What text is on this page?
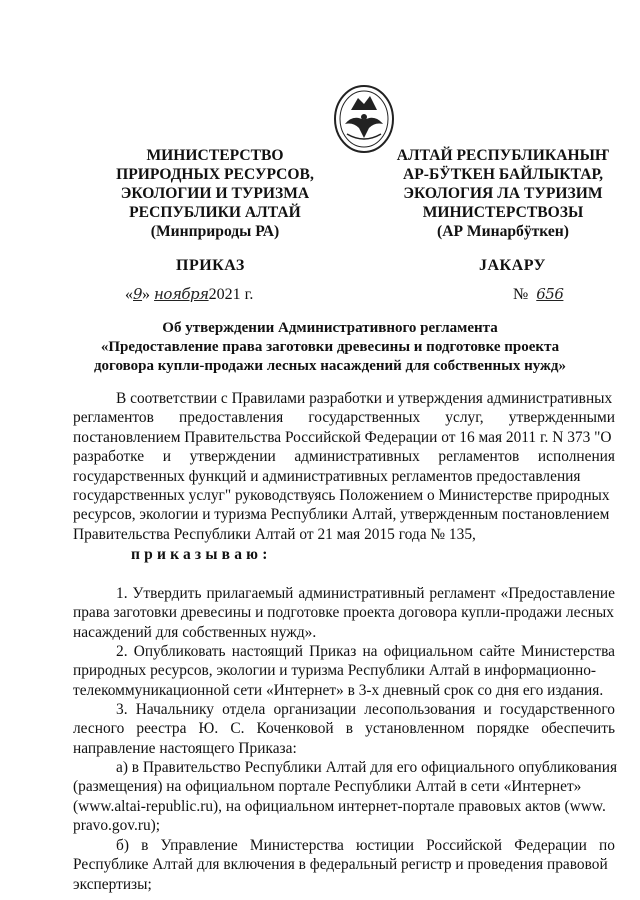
МИНИСТЕРСТВО
ПРИРОДНЫХ РЕСУРСОВ,
ЭКОЛОГИИ И ТУРИЗМА
РЕСПУБЛИКИ АЛТАЙ
(Минприроды РА)
АЛТАЙ РЕСПУБЛИКАНЫҤ
АР-БӰТКЕН БАЙЛЫКТАР,
ЭКОЛОГИЯ ЛА ТУРИЗИМ
МИНИСТЕРСТВОЗЫ
(АР Минарбӱткен)
ПРИКАЗ	JАКАРУ
«9» ноября2021 г.	№ 656
Об утверждении Административного регламента
«Предоставление права заготовки древесины и подготовке проекта
договора купли-продажи лесных насаждений для собственных нужд»
В соответствии с Правилами разработки и утверждения административных
регламентов предоставления государственных услуг, утвержденными
постановлением Правительства Российской Федерации от 16 мая 2011 г. N 373 "О
разработке и утверждении административных регламентов исполнения
государственных функций и административных регламентов предоставления
государственных услуг" руководствуясь Положением о Министерстве природных
ресурсов, экологии и туризма Республики Алтай, утвержденным постановлением
Правительства Республики Алтай от 21 мая 2015 года № 135,
приказываю:
1. Утвердить прилагаемый административный регламент «Предоставление
права заготовки древесины и подготовке проекта договора купли-продажи лесных
насаждений для собственных нужд».
2. Опубликовать настоящий Приказ на официальном сайте Министерства
природных ресурсов, экологии и туризма Республики Алтай в информационно-
телекоммуникационной сети «Интернет» в 3-х дневный срок со дня его издания.
3. Начальнику отдела организации лесопользования и государственного
лесного реестра Ю. С. Коченковой в установленном порядке обеспечить
направление настоящего Приказа:
а) в Правительство Республики Алтай для его официального опубликования
(размещения) на официальном портале Республики Алтай в сети «Интернет»
(www.altai-republic.ru), на официальном интернет-портале правовых актов (www.
pravo.gov.ru);
б) в Управление Министерства юстиции Российской Федерации по
Республике Алтай для включения в федеральный регистр и проведения правовой
экспертизы;
